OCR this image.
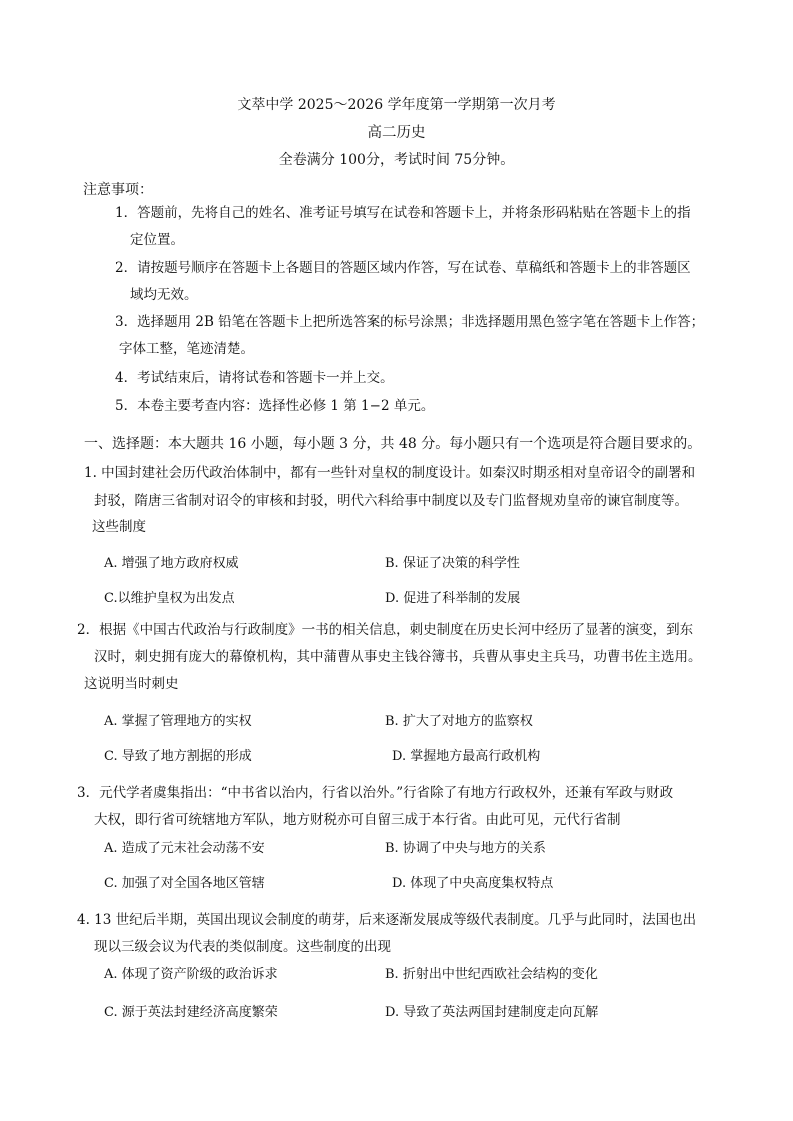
文萃中学 2025～2026 学年度第一学期第一次月考
高二历史
全卷满分 100分，考试时间 75分钟。
注意事项：
1．答题前，先将自己的姓名、准考证号填写在试卷和答题卡上，并将条形码粘贴在答题卡上的指
定位置。
2．请按题号顺序在答题卡上各题目的答题区域内作答，写在试卷、草稿纸和答题卡上的非答题区
域均无效。
3．选择题用 2B 铅笔在答题卡上把所选答案的标号涂黑；非选择题用黑色签字笔在答题卡上作答；
字体工整，笔迹清楚。
4．考试结束后，请将试卷和答题卡一并上交。
5．本卷主要考查内容：选择性必修 1 第 1−2 单元。
一、选择题：本大题共 16 小题，每小题 3 分，共 48 分。每小题只有一个选项是符合题目要求的。
1. 中国封建社会历代政治体制中，都有一些针对皇权的制度设计。如秦汉时期丞相对皇帝诏令的副署和
封驳，隋唐三省制对诏令的审核和封驳，明代六科给事中制度以及专门监督规劝皇帝的谏官制度等。
这些制度
A. 增强了地方政府权威	B. 保证了决策的科学性
C.以维护皇权为出发点	D. 促进了科举制的发展
2．根据《中国古代政治与行政制度》一书的相关信息，刺史制度在历史长河中经历了显著的演变，到东
汉时，刺史拥有庞大的幕僚机构，其中蒲曹从事史主钱谷簿书，兵曹从事史主兵马，功曹书佐主选用。
这说明当时刺史
A. 掌握了管理地方的实权	B. 扩大了对地方的监察权
C. 导致了地方割据的形成	D. 掌握地方最高行政机构
3．元代学者虞集指出：“中书省以治内，行省以治外。”行省除了有地方行政权外，还兼有军政与财政
大权，即行省可统辖地方军队，地方财税亦可自留三成于本行省。由此可见，元代行省制
A. 造成了元末社会动荡不安	B. 协调了中央与地方的关系
C. 加强了对全国各地区管辖	D. 体现了中央高度集权特点
4. 13 世纪后半期，英国出现议会制度的萌芽，后来逐渐发展成等级代表制度。几乎与此同时，法国也出
现以三级会议为代表的类似制度。这些制度的出现
A. 体现了资产阶级的政治诉求	B. 折射出中世纪西欧社会结构的变化
C. 源于英法封建经济高度繁荣	D. 导致了英法两国封建制度走向瓦解
